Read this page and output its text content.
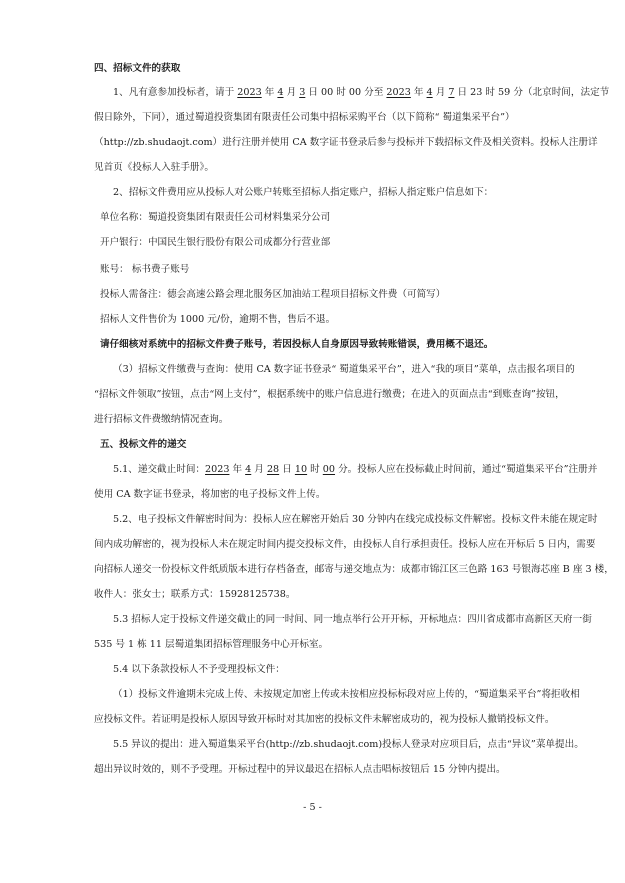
四、招标文件的获取

1、凡有意参加投标者，请于 2023 年 4 月 3 日 00 时 00 分至 2023 年 4 月 7 日 23 时 59 分（北京时间，法定节

假日除外，下同），通过蜀道投资集团有限责任公司集中招标采购平台（以下简称“ 蜀道集采平台”）

（http://zb.shudaojt.com）进行注册并使用 CA 数字证书登录后参与投标并下载招标文件及相关资料。投标人注册详

见首页《投标人入驻手册》。

2、招标文件费用应从投标人对公账户转账至招标人指定账户，招标人指定账户信息如下：

单位名称：蜀道投资集团有限责任公司材料集采分公司

开户银行：中国民生银行股份有限公司成都分行营业部

账号： 标书费子账号

投标人需备注：德会高速公路会理北服务区加油站工程项目招标文件费（可简写）

招标人文件售价为 1000 元/份，逾期不售，售后不退。

请仔细核对系统中的招标文件费子账号，若因投标人自身原因导致转账错误，费用概不退还。

（3）招标文件缴费与查询：使用 CA 数字证书登录“ 蜀道集采平台”，进入“我的项目”菜单，点击报名项目的

“招标文件领取”按钮，点击“网上支付”，根据系统中的账户信息进行缴费；在进入的页面点击“到账查询”按钮，

进行招标文件费缴纳情况查询。

五、投标文件的递交

5.1、递交截止时间：2023 年 4 月 28 日 10 时 00 分。投标人应在投标截止时间前，通过“蜀道集采平台”注册并

使用 CA 数字证书登录，将加密的电子投标文件上传。

5.2、电子投标文件解密时间为：投标人应在解密开始后 30 分钟内在线完成投标文件解密。投标文件未能在规定时

间内成功解密的，视为投标人未在规定时间内提交投标文件，由投标人自行承担责任。投标人应在开标后 5 日内，需要

向招标人递交一份投标文件纸质版本进行存档备查，邮寄与递交地点为：成都市锦江区三色路 163 号银海芯座 B 座 3 楼，

收件人：张女士；联系方式：15928125738。

5.3 招标人定于投标文件递交截止的同一时间、同一地点举行公开开标，开标地点：四川省成都市高新区天府一街

535 号 1 栋 11 层蜀道集团招标管理服务中心开标室。

5.4 以下条款投标人不予受理投标文件：

（1）投标文件逾期未完成上传、未按规定加密上传或未按相应投标标段对应上传的，“蜀道集采平台”将拒收相

应投标文件。若证明是投标人原因导致开标时对其加密的投标文件未解密成功的，视为投标人撤销投标文件。

5.5 异议的提出：进入蜀道集采平台(http://zb.shudaojt.com)投标人登录对应项目后，点击“异议”菜单提出。

超出异议时效的，则不予受理。开标过程中的异议最迟在招标人点击唱标按钮后 15 分钟内提出。

- 5 -
